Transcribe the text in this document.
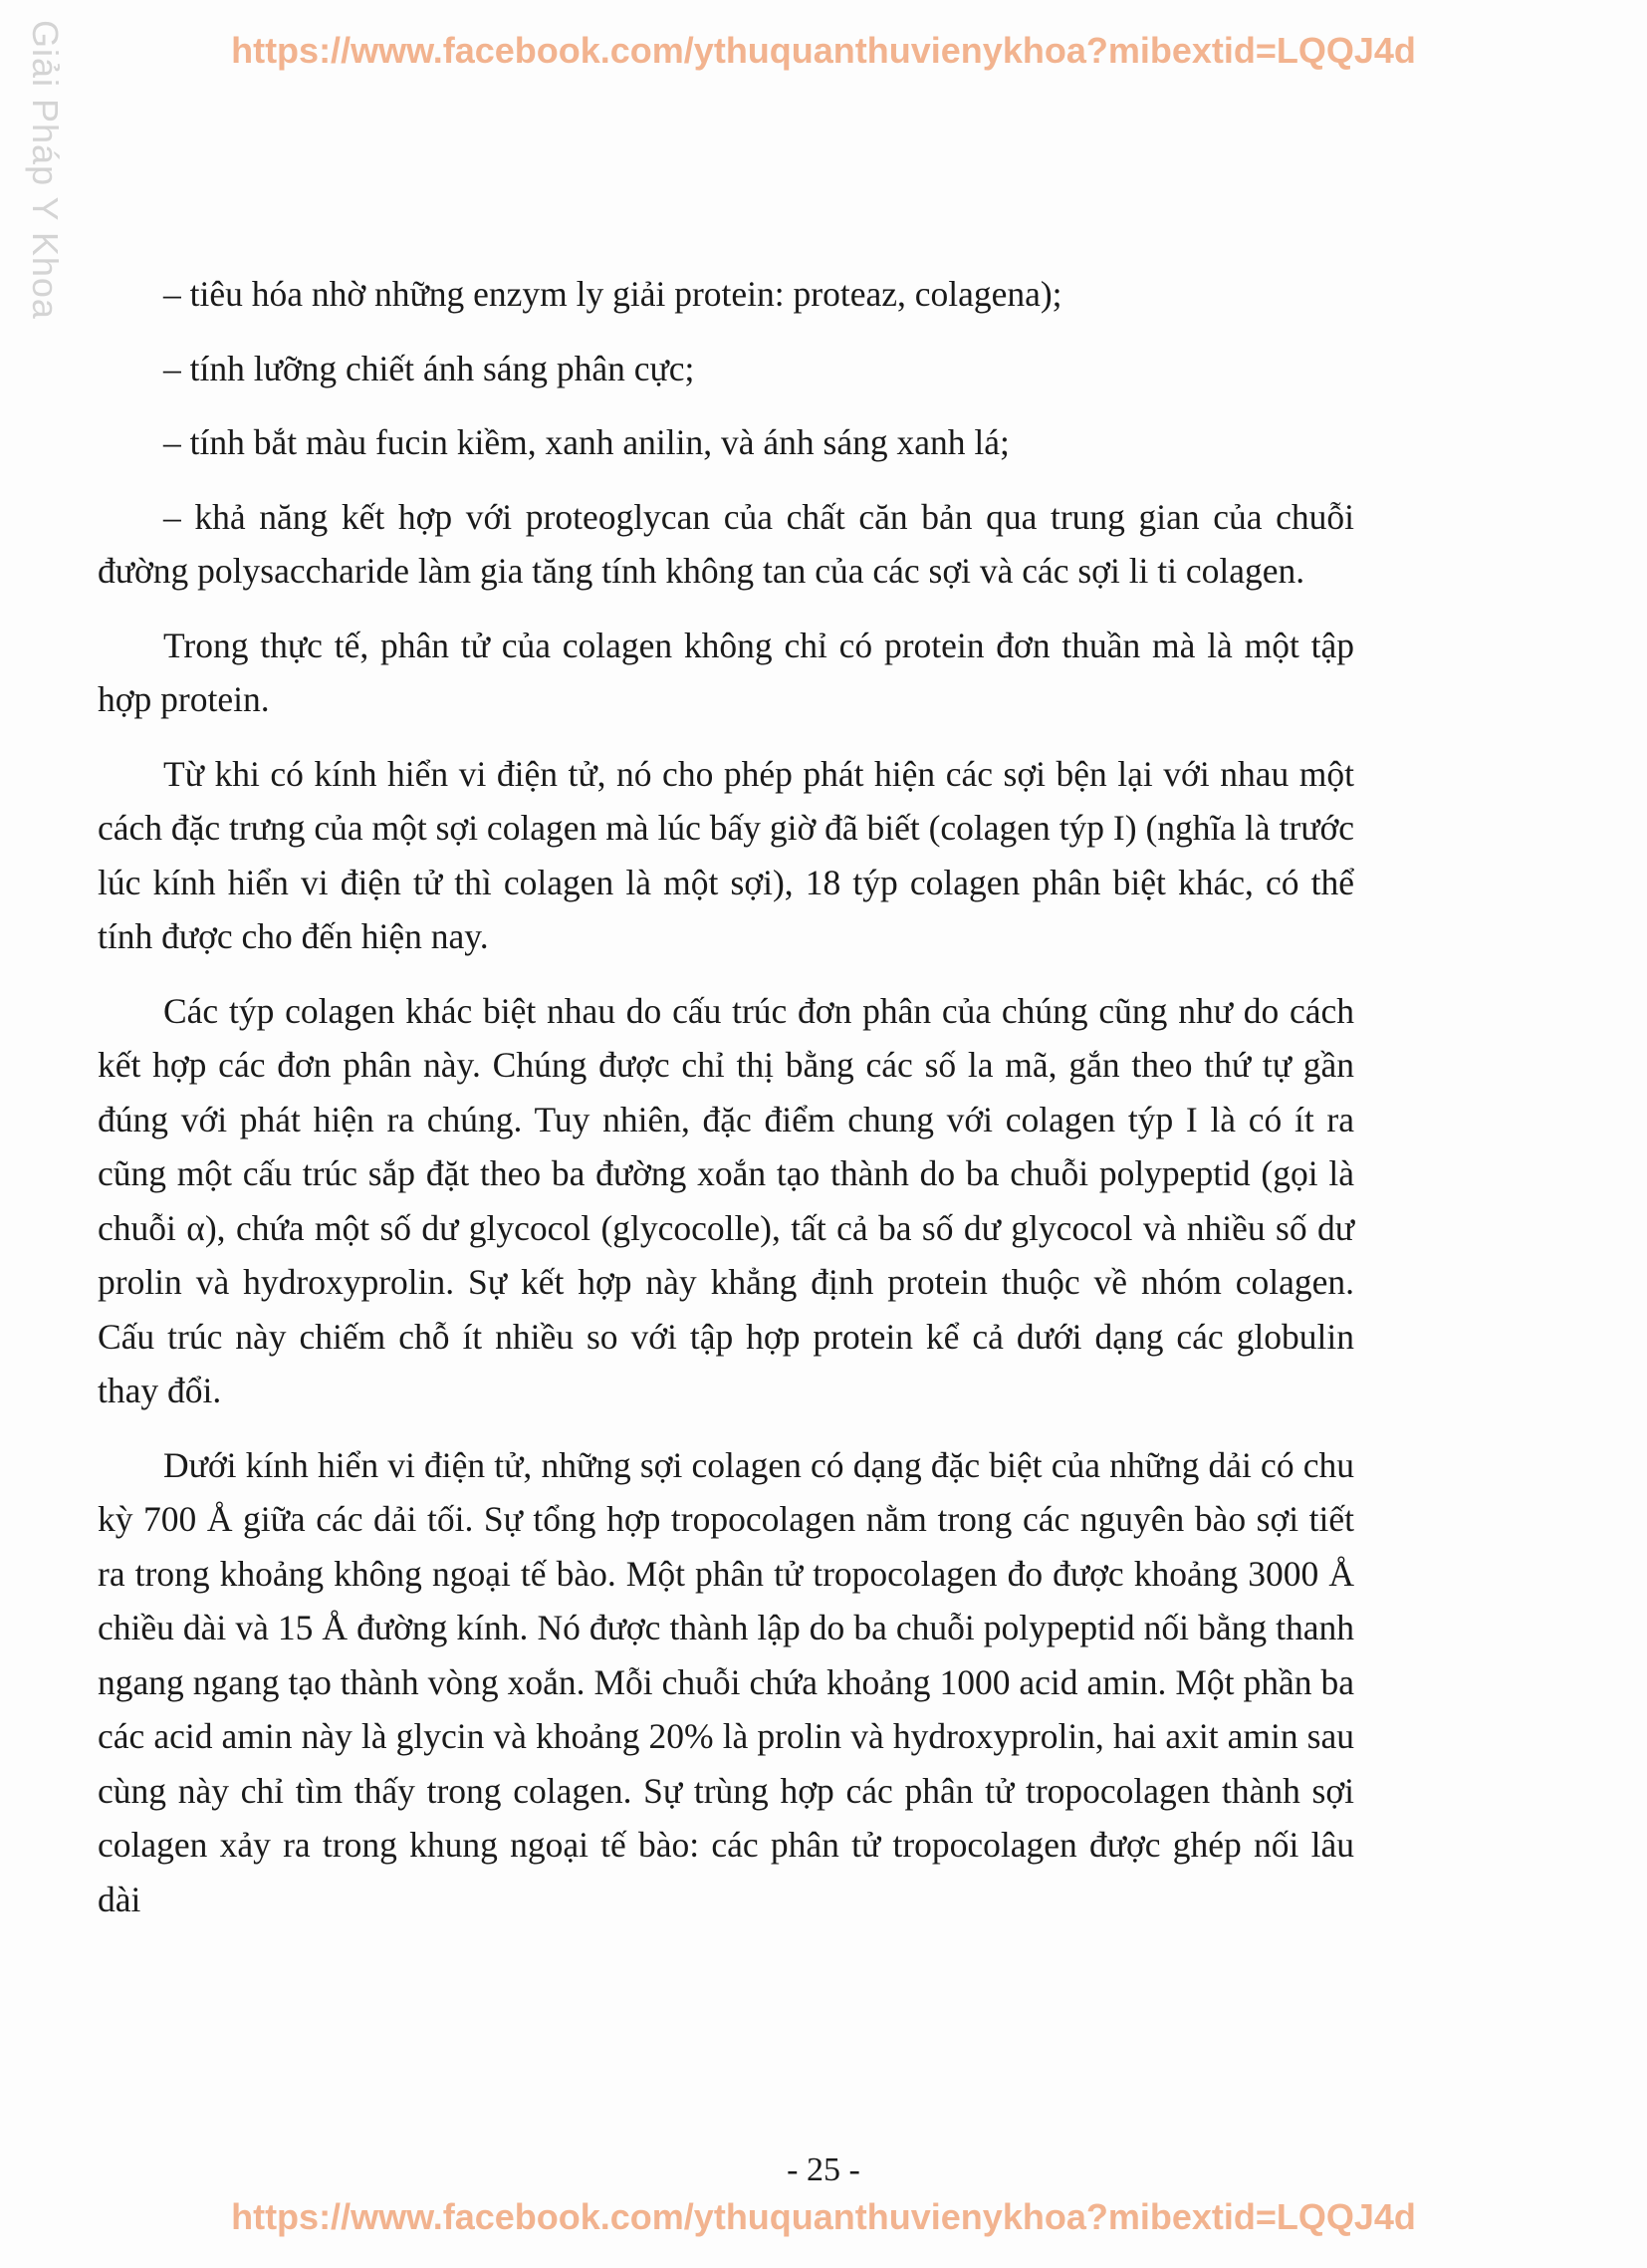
Giải Pháp Y Khoa	https://www.facebook.com/ythuquanthuvienykhoa?mibextid=LQQJ4d

– tiêu hóa nhờ những enzym ly giải protein: proteaz, colagena);

– tính lưỡng chiết ánh sáng phân cực;

– tính bắt màu fucin kiềm, xanh anilin, và ánh sáng xanh lá;

– khả năng kết hợp với proteoglycan của chất căn bản qua trung gian của chuỗi đường polysaccharide làm gia tăng tính không tan của các sợi và các sợi li ti colagen.

Trong thực tế, phân tử của colagen không chỉ có protein đơn thuần mà là một tập hợp protein.

Từ khi có kính hiển vi điện tử, nó cho phép phát hiện các sợi bện lại với nhau một cách đặc trưng của một sợi colagen mà lúc bấy giờ đã biết (colagen týp I) (nghĩa là trước lúc kính hiển vi điện tử thì colagen là một sợi), 18 týp colagen phân biệt khác, có thể tính được cho đến hiện nay.

Các týp colagen khác biệt nhau do cấu trúc đơn phân của chúng cũng như do cách kết hợp các đơn phân này. Chúng được chỉ thị bằng các số la mã, gắn theo thứ tự gần đúng với phát hiện ra chúng. Tuy nhiên, đặc điểm chung với colagen týp I là có ít ra cũng một cấu trúc sắp đặt theo ba đường xoắn tạo thành do ba chuỗi polypeptid (gọi là chuỗi α), chứa một số dư glycocol (glycocolle), tất cả ba số dư glycocol và nhiều số dư prolin và hydroxyprolin. Sự kết hợp này khẳng định protein thuộc về nhóm colagen. Cấu trúc này chiếm chỗ ít nhiều so với tập hợp protein kể cả dưới dạng các globulin thay đổi.

Dưới kính hiển vi điện tử, những sợi colagen có dạng đặc biệt của những dải có chu kỳ 700 Å giữa các dải tối. Sự tổng hợp tropocolagen nằm trong các nguyên bào sợi tiết ra trong khoảng không ngoại tế bào. Một phân tử tropocolagen đo được khoảng 3000 Å chiều dài và 15 Å đường kính. Nó được thành lập do ba chuỗi polypeptid nối bằng thanh ngang ngang tạo thành vòng xoắn. Mỗi chuỗi chứa khoảng 1000 acid amin. Một phần ba các acid amin này là glycin và khoảng 20% là prolin và hydroxyprolin, hai axit amin sau cùng này chỉ tìm thấy trong colagen. Sự trùng hợp các phân tử tropocolagen thành sợi colagen xảy ra trong khung ngoại tế bào: các phân tử tropocolagen được ghép nối lâu dài

- 25 -
https://www.facebook.com/ythuquanthuvienykhoa?mibextid=LQQJ4d
